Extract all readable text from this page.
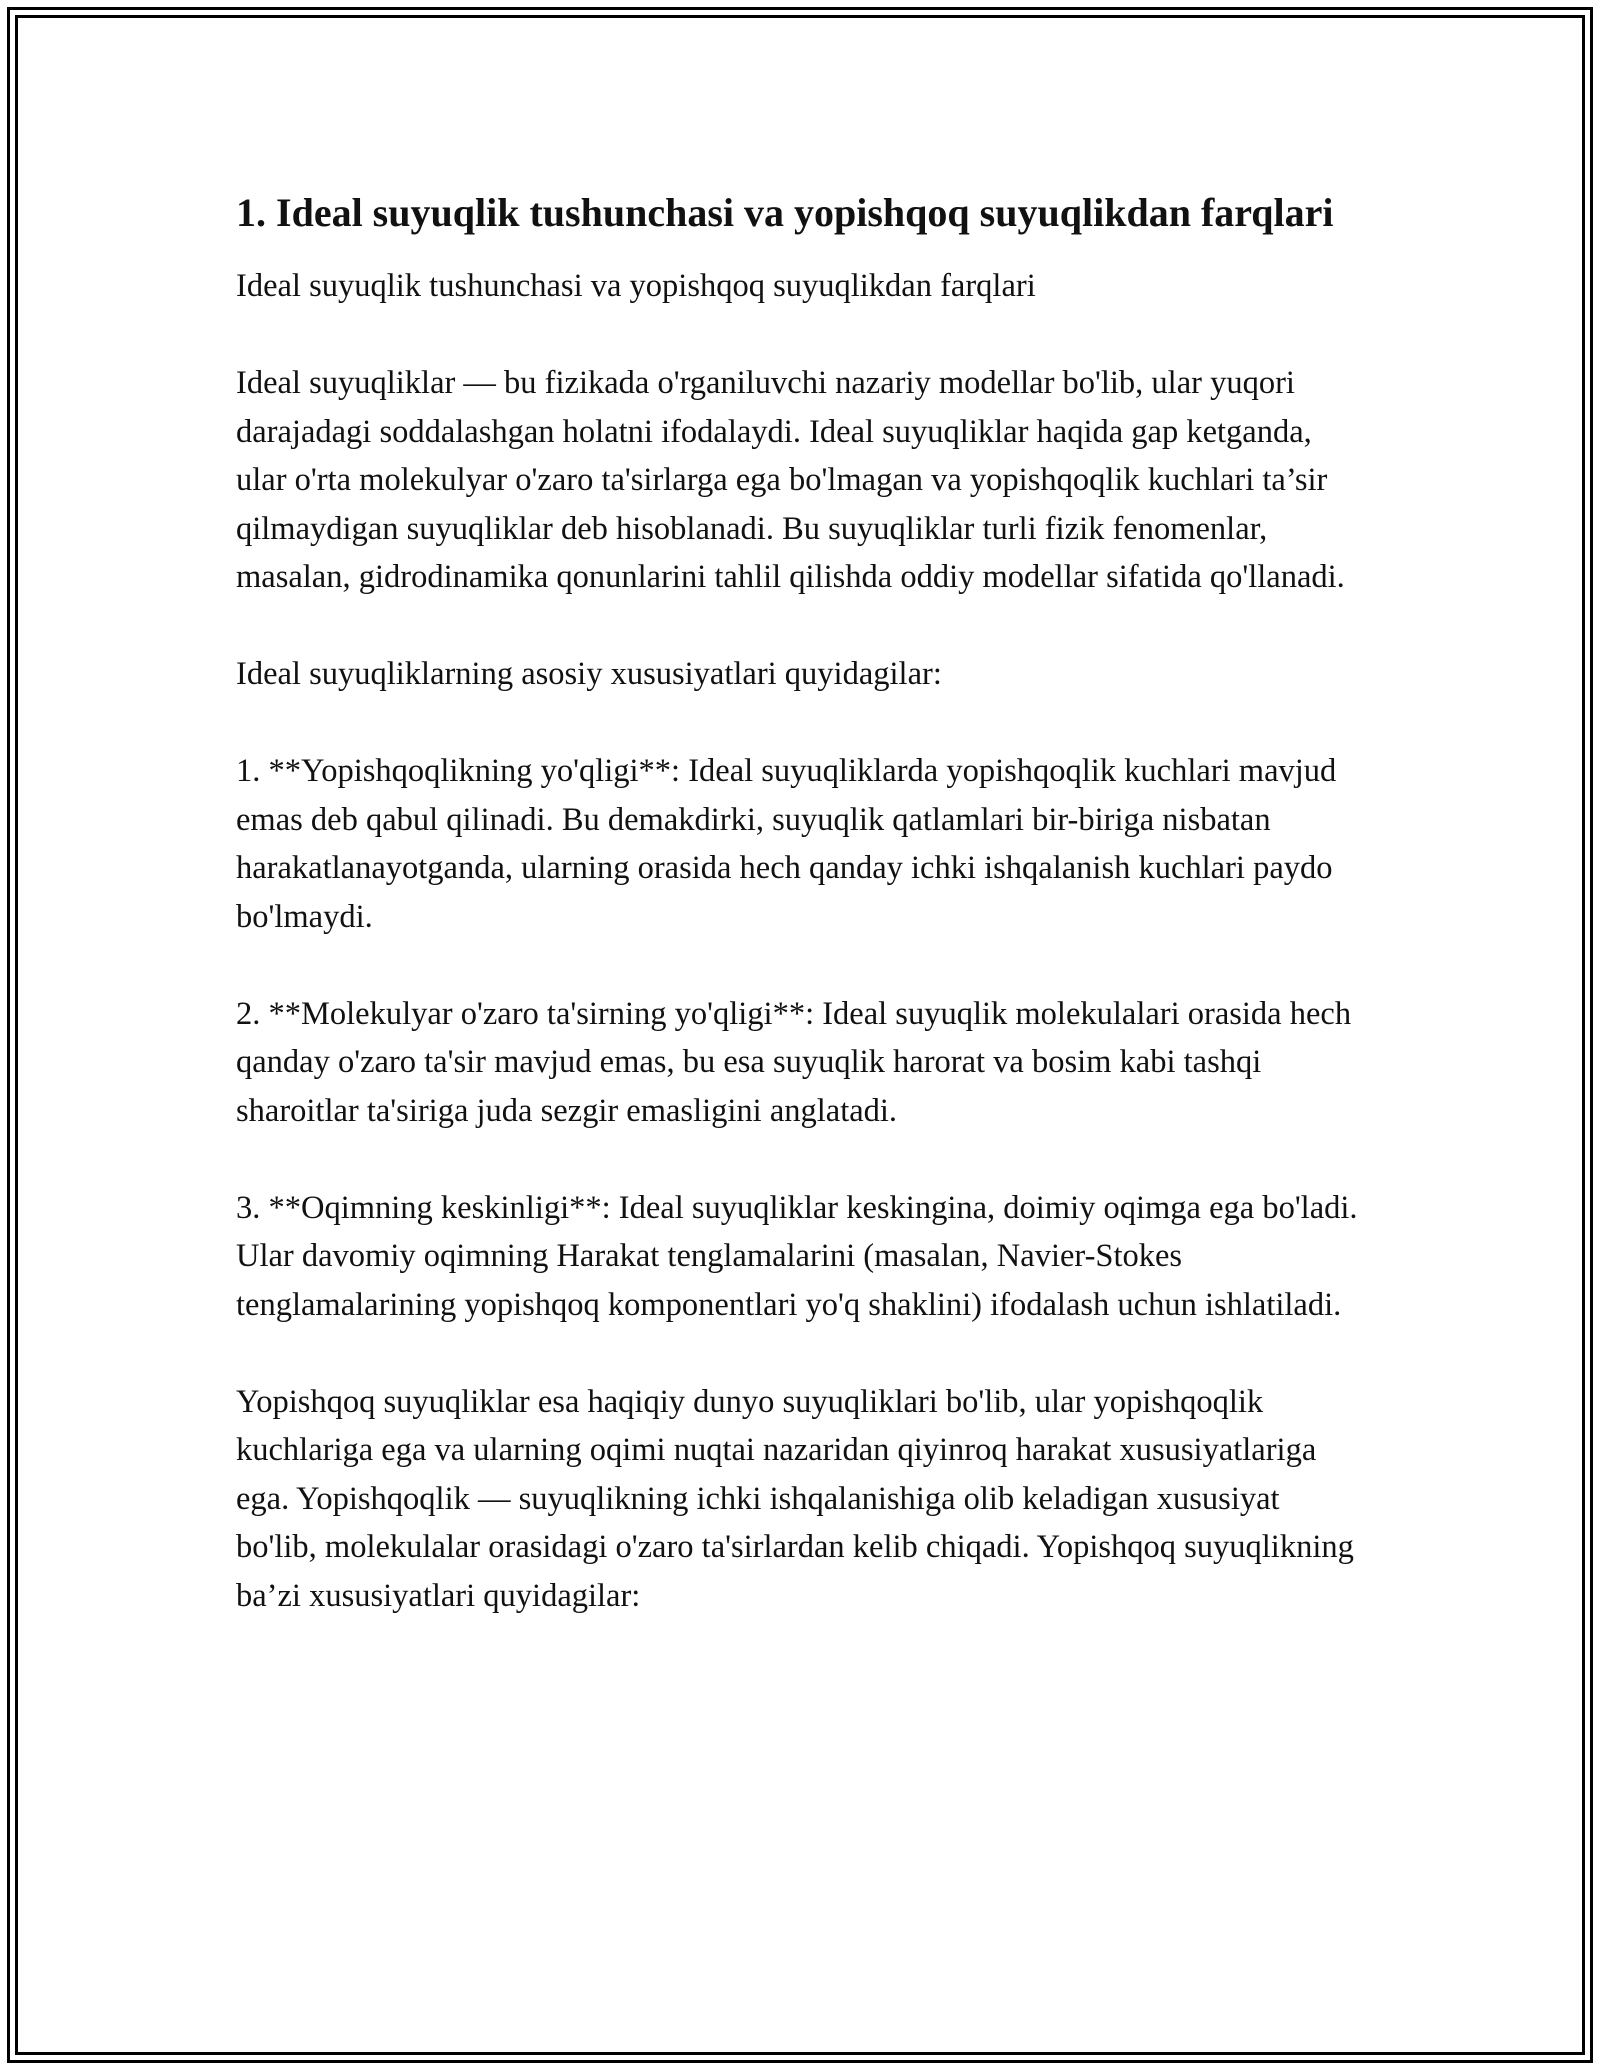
1. Ideal suyuqlik tushunchasi va yopishqoq suyuqlikdan farqlari

Ideal suyuqlik tushunchasi va yopishqoq suyuqlikdan farqlari

Ideal suyuqliklar — bu fizikada o'rganiluvchi nazariy modellar bo'lib, ular yuqori darajadagi soddalashgan holatni ifodalaydi. Ideal suyuqliklar haqida gap ketganda, ular o'rta molekulyar o'zaro ta'sirlarga ega bo'lmagan va yopishqoqlik kuchlari ta’sir qilmaydigan suyuqliklar deb hisoblanadi. Bu suyuqliklar turli fizik fenomenlar, masalan, gidrodinamika qonunlarini tahlil qilishda oddiy modellar sifatida qo'llanadi.

Ideal suyuqliklarning asosiy xususiyatlari quyidagilar:

1. **Yopishqoqlikning yo'qligi**: Ideal suyuqliklarda yopishqoqlik kuchlari mavjud emas deb qabul qilinadi. Bu demakdirki, suyuqlik qatlamlari bir-biriga nisbatan harakatlanayotganda, ularning orasida hech qanday ichki ishqalanish kuchlari paydo bo'lmaydi.

2. **Molekulyar o'zaro ta'sirning yo'qligi**: Ideal suyuqlik molekulalari orasida hech qanday o'zaro ta'sir mavjud emas, bu esa suyuqlik harorat va bosim kabi tashqi sharoitlar ta'siriga juda sezgir emasligini anglatadi.

3. **Oqimning keskinligi**: Ideal suyuqliklar keskingina, doimiy oqimga ega bo'ladi. Ular davomiy oqimning Harakat tenglamalarini (masalan, Navier-Stokes tenglamalarining yopishqoq komponentlari yo'q shaklini) ifodalash uchun ishlatiladi.

Yopishqoq suyuqliklar esa haqiqiy dunyo suyuqliklari bo'lib, ular yopishqoqlik kuchlariga ega va ularning oqimi nuqtai nazaridan qiyinroq harakat xususiyatlariga ega. Yopishqoqlik — suyuqlikning ichki ishqalanishiga olib keladigan xususiyat bo'lib, molekulalar orasidagi o'zaro ta'sirlardan kelib chiqadi. Yopishqoq suyuqlikning ba’zi xususiyatlari quyidagilar:
